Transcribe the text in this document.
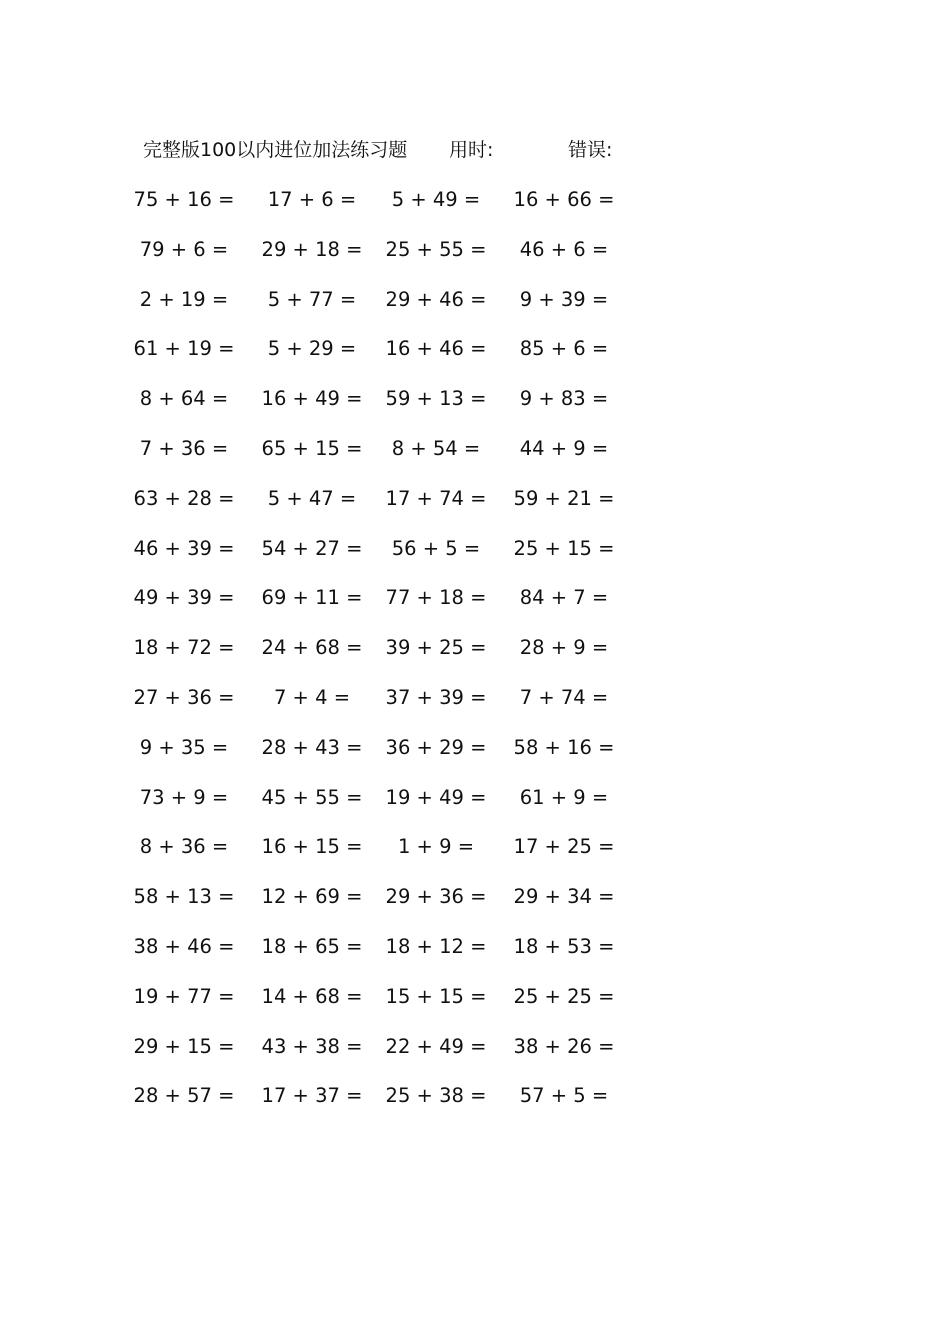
完整版100以内进位加法练习题 用时:	错误:
75 + 16 =	17 + 6 =	5 + 49 =	16 + 66 =
79 + 6 =	29 + 18 =	25 + 55 =	46 + 6 =
2 + 19 =	5 + 77 =	29 + 46 =	9 + 39 =
61 + 19 =	5 + 29 =	16 + 46 =	85 + 6 =
8 + 64 =	16 + 49 =	59 + 13 =	9 + 83 =
7 + 36 =	65 + 15 =	8 + 54 =	44 + 9 =
63 + 28 =	5 + 47 =	17 + 74 =	59 + 21 =
46 + 39 =	54 + 27 =	56 + 5 =	25 + 15 =
49 + 39 =	69 + 11 =	77 + 18 =	84 + 7 =
18 + 72 =	24 + 68 =	39 + 25 =	28 + 9 =
27 + 36 =	7 + 4 =	37 + 39 =	7 + 74 =
9 + 35 =	28 + 43 =	36 + 29 =	58 + 16 =
73 + 9 =	45 + 55 =	19 + 49 =	61 + 9 =
8 + 36 =	16 + 15 =	1 + 9 =	17 + 25 =
58 + 13 =	12 + 69 =	29 + 36 =	29 + 34 =
38 + 46 =	18 + 65 =	18 + 12 =	18 + 53 =
19 + 77 =	14 + 68 =	15 + 15 =	25 + 25 =
29 + 15 =	43 + 38 =	22 + 49 =	38 + 26 =
28 + 57 =	17 + 37 =	25 + 38 =	57 + 5 =
